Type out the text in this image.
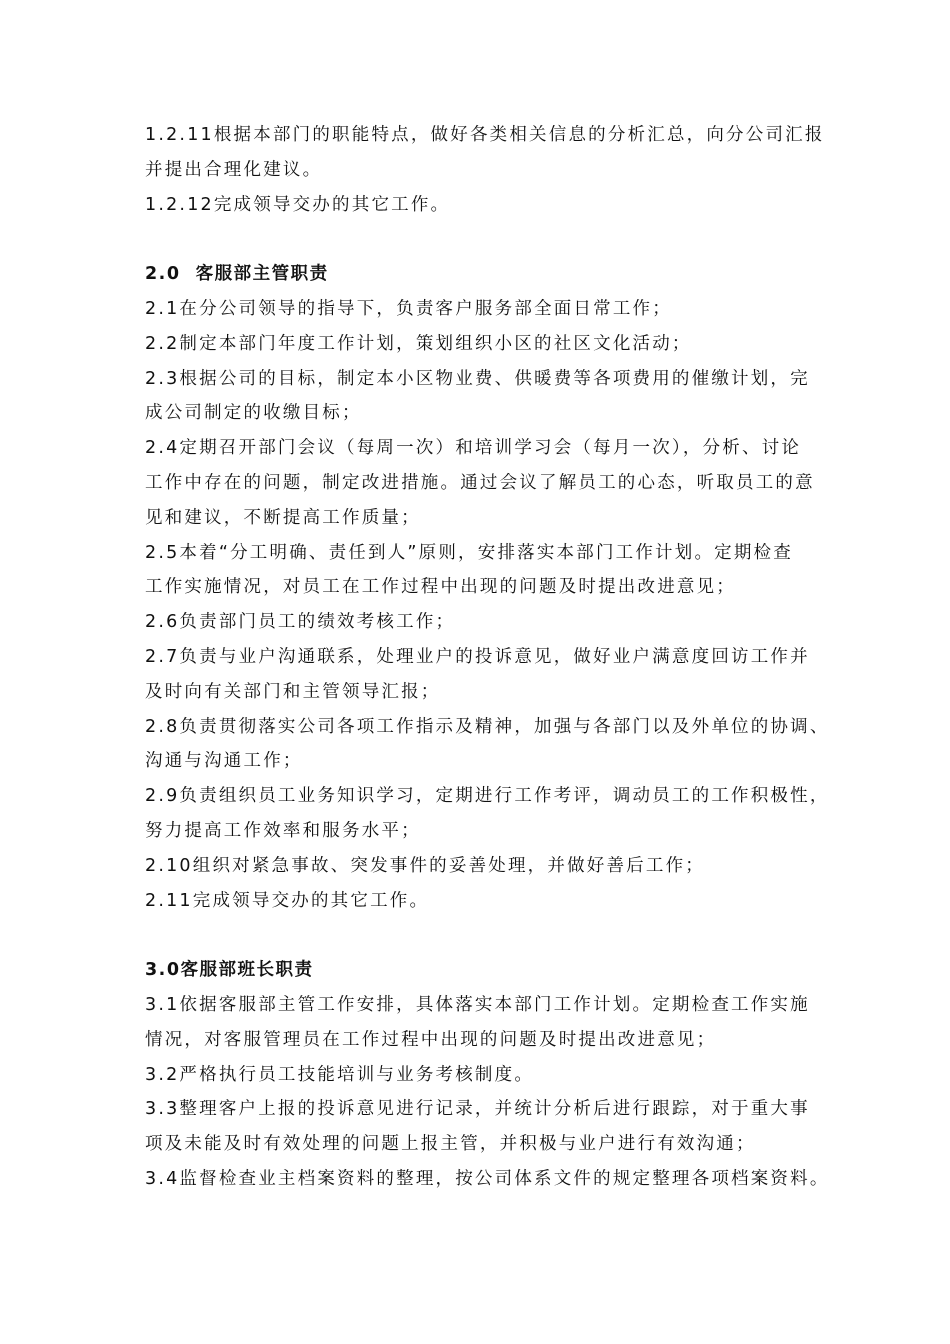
1.2.11根据本部门的职能特点，做好各类相关信息的分析汇总，向分公司汇报

并提出合理化建议。

1.2.12完成领导交办的其它工作。

2.0  客服部主管职责

2.1在分公司领导的指导下，负责客户服务部全面日常工作；

2.2制定本部门年度工作计划，策划组织小区的社区文化活动；

2.3根据公司的目标，制定本小区物业费、供暖费等各项费用的催缴计划，完

成公司制定的收缴目标；

2.4定期召开部门会议（每周一次）和培训学习会（每月一次），分析、讨论

工作中存在的问题，制定改进措施。通过会议了解员工的心态，听取员工的意

见和建议，不断提高工作质量；

2.5本着“分工明确、责任到人”原则，安排落实本部门工作计划。定期检查

工作实施情况，对员工在工作过程中出现的问题及时提出改进意见；

2.6负责部门员工的绩效考核工作；

2.7负责与业户沟通联系，处理业户的投诉意见，做好业户满意度回访工作并

及时向有关部门和主管领导汇报；

2.8负责贯彻落实公司各项工作指示及精神，加强与各部门以及外单位的协调、

沟通与沟通工作；

2.9负责组织员工业务知识学习，定期进行工作考评，调动员工的工作积极性，

努力提高工作效率和服务水平；

2.10组织对紧急事故、突发事件的妥善处理，并做好善后工作；

2.11完成领导交办的其它工作。

3.0客服部班长职责

3.1依据客服部主管工作安排，具体落实本部门工作计划。定期检查工作实施

情况，对客服管理员在工作过程中出现的问题及时提出改进意见；

3.2严格执行员工技能培训与业务考核制度。

3.3整理客户上报的投诉意见进行记录，并统计分析后进行跟踪，对于重大事

项及未能及时有效处理的问题上报主管，并积极与业户进行有效沟通；

3.4监督检查业主档案资料的整理，按公司体系文件的规定整理各项档案资料。
